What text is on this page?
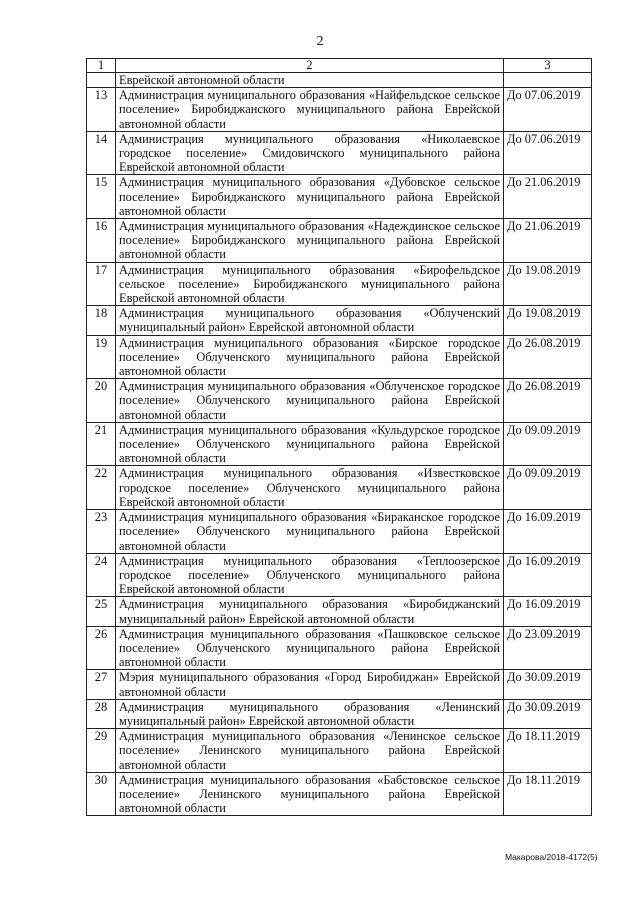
2
1	2	3
	Еврейской автономной области	
13	Администрация муниципального образования «Найфельдское сельское поселение» Биробиджанского муниципального района Еврейской автономной области	До 07.06.2019
14	Администрация муниципального образования «Николаевское городское поселение» Смидовичского муниципального района Еврейской автономной области	До 07.06.2019
15	Администрация муниципального образования «Дубовское сельское поселение» Биробиджанского муниципального района Еврейской автономной области	До 21.06.2019
16	Администрация муниципального образования «Надеждинское сельское поселение» Биробиджанского муниципального района Еврейской автономной области	До 21.06.2019
17	Администрация муниципального образования «Бирофельдское сельское поселение» Биробиджанского муниципального района Еврейской автономной области	До 19.08.2019
18	Администрация муниципального образования «Облученский муниципальный район» Еврейской автономной области	До 19.08.2019
19	Администрация муниципального образования «Бирское городское поселение» Облученского муниципального района Еврейской автономной области	До 26.08.2019
20	Администрация муниципального образования «Облученское городское поселение» Облученского муниципального района Еврейской автономной области	До 26.08.2019
21	Администрация муниципального образования «Кульдурское городское поселение» Облученского муниципального района Еврейской автономной области	До 09.09.2019
22	Администрация муниципального образования «Известковское городское поселение» Облученского муниципального района Еврейской автономной области	До 09.09.2019
23	Администрация муниципального образования «Бираканское городское поселение» Облученского муниципального района Еврейской автономной области	До 16.09.2019
24	Администрация муниципального образования «Теплоозерское городское поселение» Облученского муниципального района Еврейской автономной области	До 16.09.2019
25	Администрация муниципального образования «Биробиджанский муниципальный район» Еврейской автономной области	До 16.09.2019
26	Администрация муниципального образования «Пашковское сельское поселение» Облученского муниципального района Еврейской автономной области	До 23.09.2019
27	Мэрия муниципального образования «Город Биробиджан» Еврейской автономной области	До 30.09.2019
28	Администрация муниципального образования «Ленинский муниципальный район» Еврейской автономной области	До 30.09.2019
29	Администрация муниципального образования «Ленинское сельское поселение» Ленинского муниципального района Еврейской автономной области	До 18.11.2019
30	Администрация муниципального образования «Бабстовское сельское поселение» Ленинского муниципального района Еврейской автономной области	До 18.11.2019
Макарова/2018-4172(5)
